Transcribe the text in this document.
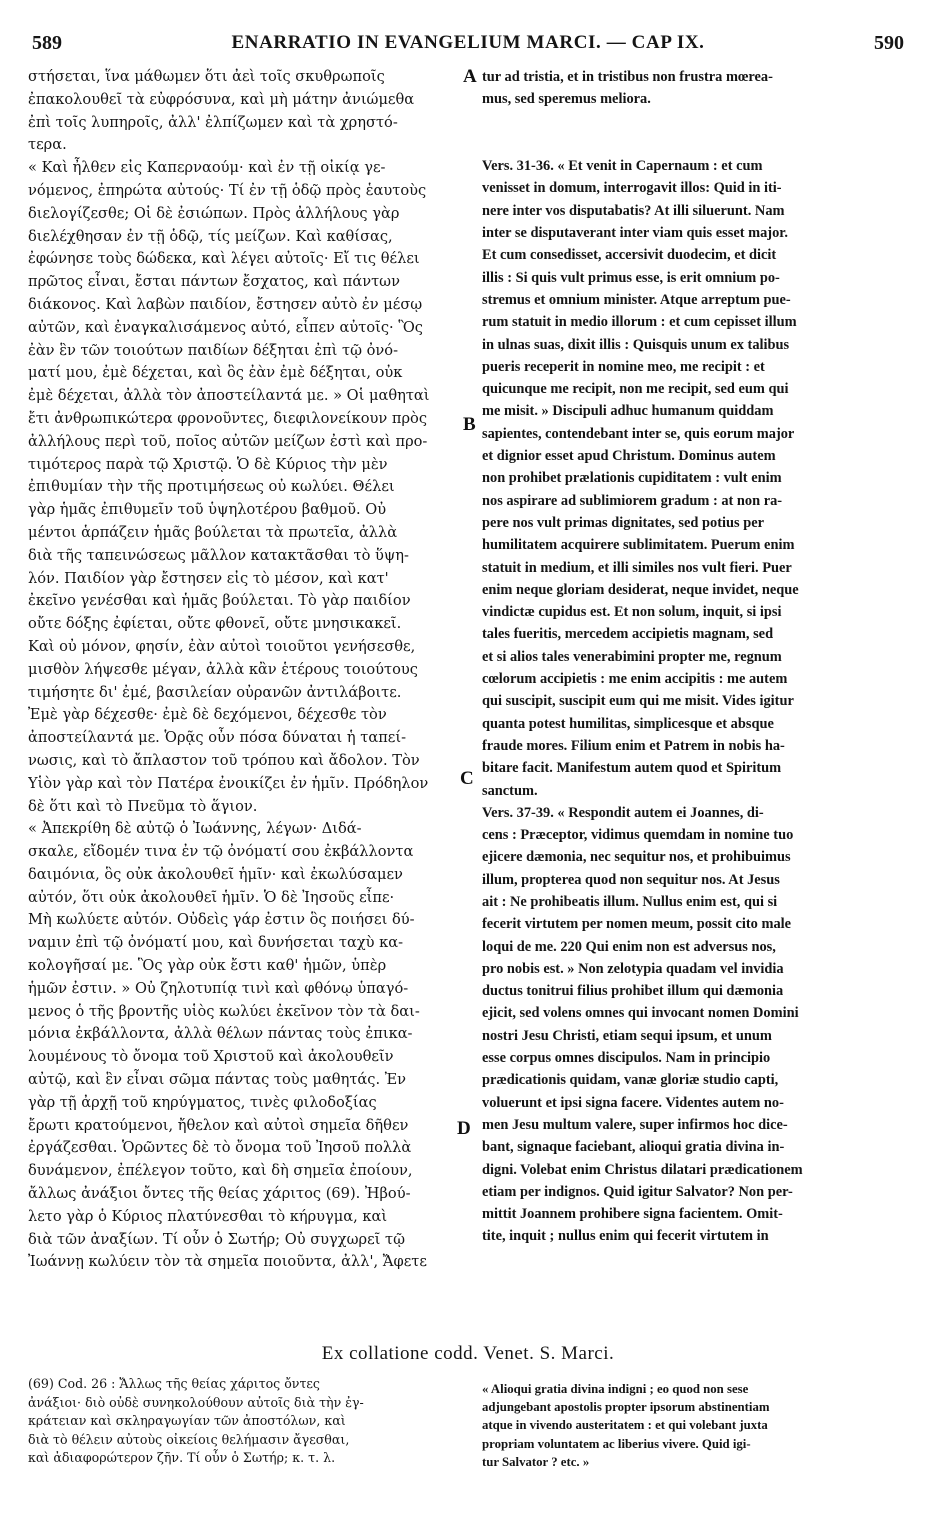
589	ENARRATIO IN EVANGELIUM MARCI. — CAP IX.	590
στήσεται, ἵνα μάθωμεν ὅτι ἀεὶ τοῖς σκυθρωποῖς
ἐπακολουθεῖ τὰ εὐφρόσυνα, καὶ μὴ μάτην ἀνιώμεθα
ἐπὶ τοῖς λυπηροῖς, ἀλλ' ἐλπίζωμεν καὶ τὰ χρηστό-
τερα.
« Καὶ ἦλθεν εἰς Καπερναούμ· καὶ ἐν τῇ οἰκίᾳ γε-
νόμενος, ἐπηρώτα αὐτούς· Τί ἐν τῇ ὁδῷ πρὸς ἑαυτοὺς
διελογίζεσθε; Οἱ δὲ ἐσιώπων. Πρὸς ἀλλήλους γὰρ
διελέχθησαν ἐν τῇ ὁδῷ, τίς μείζων. Καὶ καθίσας,
ἐφώνησε τοὺς δώδεκα, καὶ λέγει αὐτοῖς· Εἴ τις θέλει
πρῶτος εἶναι, ἔσται πάντων ἔσχατος, καὶ πάντων
διάκονος. Καὶ λαβὼν παιδίον, ἔστησεν αὐτὸ ἐν μέσῳ
αὐτῶν, καὶ ἐναγκαλισάμενος αὐτό, εἶπεν αὐτοῖς· Ὃς
ἐὰν ἓν τῶν τοιούτων παιδίων δέξηται ἐπὶ τῷ ὀνό-
ματί μου, ἐμὲ δέχεται, καὶ ὃς ἐὰν ἐμὲ δέξηται, οὐκ
ἐμὲ δέχεται, ἀλλὰ τὸν ἀποστείλαντά με. » Οἱ μαθηταὶ
ἔτι ἀνθρωπικώτερα φρονοῦντες, διεφιλονείκουν πρὸς
ἀλλήλους περὶ τοῦ, ποῖος αὐτῶν μείζων ἐστὶ καὶ προ-
τιμότερος παρὰ τῷ Χριστῷ. Ὁ δὲ Κύριος τὴν μὲν
ἐπιθυμίαν τὴν τῆς προτιμήσεως οὐ κωλύει. Θέλει
γὰρ ἡμᾶς ἐπιθυμεῖν τοῦ ὑψηλοτέρου βαθμοῦ. Οὐ
μέντοι ἁρπάζειν ἡμᾶς βούλεται τὰ πρωτεῖα, ἀλλὰ
διὰ τῆς ταπεινώσεως μᾶλλον κατακτᾶσθαι τὸ ὕψη-
λόν. Παιδίον γὰρ ἔστησεν εἰς τὸ μέσον, καὶ κατ'
ἐκεῖνο γενέσθαι καὶ ἡμᾶς βούλεται. Τὸ γὰρ παιδίον
οὔτε δόξης ἐφίεται, οὔτε φθονεῖ, οὔτε μνησικακεῖ.
Καὶ οὐ μόνον, φησίν, ἐὰν αὐτοὶ τοιοῦτοι γενήσεσθε,
μισθὸν λήψεσθε μέγαν, ἀλλὰ κἂν ἑτέρους τοιούτους
τιμήσητε δι' ἐμέ, βασιλείαν οὐρανῶν ἀντιλάβοιτε.
Ἐμὲ γὰρ δέχεσθε· ἐμὲ δὲ δεχόμενοι, δέχεσθε τὸν
ἀποστείλαντά με. Ὁρᾷς οὖν πόσα δύναται ἡ ταπεί-
νωσις, καὶ τὸ ἄπλαστον τοῦ τρόπου καὶ ἄδολον. Τὸν
Υἱὸν γὰρ καὶ τὸν Πατέρα ἐνοικίζει ἐν ἡμῖν. Πρόδηλον
δὲ ὅτι καὶ τὸ Πνεῦμα τὸ ἅγιον.
« Ἀπεκρίθη δὲ αὐτῷ ὁ Ἰωάννης, λέγων· Διδά-
σκαλε, εἴδομέν τινα ἐν τῷ ὀνόματί σου ἐκβάλλοντα
δαιμόνια, ὃς οὐκ ἀκολουθεῖ ἡμῖν· καὶ ἐκωλύσαμεν
αὐτόν, ὅτι οὐκ ἀκολουθεῖ ἡμῖν. Ὁ δὲ Ἰησοῦς εἶπε·
Μὴ κωλύετε αὐτόν. Οὐδεὶς γάρ ἐστιν ὃς ποιήσει δύ-
ναμιν ἐπὶ τῷ ὀνόματί μου, καὶ δυνήσεται ταχὺ κα-
κολογῆσαί με. Ὃς γὰρ οὐκ ἔστι καθ' ἡμῶν, ὑπὲρ
ἡμῶν ἐστιν. » Οὐ ζηλοτυπίᾳ τινὶ καὶ φθόνῳ ὑπαγό-
μενος ὁ τῆς βροντῆς υἱὸς κωλύει ἐκεῖνον τὸν τὰ δαι-
μόνια ἐκβάλλοντα, ἀλλὰ θέλων πάντας τοὺς ἐπικα-
λουμένους τὸ ὄνομα τοῦ Χριστοῦ καὶ ἀκολουθεῖν
αὐτῷ, καὶ ἓν εἶναι σῶμα πάντας τοὺς μαθητάς. Ἐν
γὰρ τῇ ἀρχῇ τοῦ κηρύγματος, τινὲς φιλοδοξίας
ἔρωτι κρατούμενοι, ἤθελον καὶ αὐτοὶ σημεῖα δῆθεν
ἐργάζεσθαι. Ὁρῶντες δὲ τὸ ὄνομα τοῦ Ἰησοῦ πολλὰ
δυνάμενον, ἐπέλεγον τοῦτο, καὶ δὴ σημεῖα ἐποίουν,
ἄλλως ἀνάξιοι ὄντες τῆς θείας χάριτος (69). Ἠβού-
λετο γὰρ ὁ Κύριος πλατύνεσθαι τὸ κήρυγμα, καὶ
διὰ τῶν ἀναξίων. Τί οὖν ὁ Σωτήρ; Οὐ συγχωρεῖ τῷ
Ἰωάννῃ κωλύειν τὸν τὰ σημεῖα ποιοῦντα, ἀλλ', Ἄφετε
tur ad tristia, et in tristibus non frustra mœrea-
mus, sed speremus meliora.
Vers. 31-36. « Et venit in Capernaum : et cum
venisset in domum, interrogavit illos: Quid in iti-
nere inter vos disputabatis? At illi siluerunt. Nam
inter se disputaverant inter viam quis esset major.
Et cum consedisset, accersivit duodecim, et dicit
illis : Si quis vult primus esse, is erit omnium po-
stremus et omnium minister. Atque arreptum pue-
rum statuit in medio illorum : et cum cepisset illum
in ulnas suas, dixit illis : Quisquis unum ex talibus
pueris receperit in nomine meo, me recipit : et
quicunque me recipit, non me recipit, sed eum qui
me misit. » Discipuli adhuc humanum quiddam
sapientes, contendebant inter se, quis eorum major
et dignior esset apud Christum. Dominus autem
non prohibet prælationis cupiditatem : vult enim
nos aspirare ad sublimiorem gradum : at non ra-
pere nos vult primas dignitates, sed potius per
humilitatem acquirere sublimitatem. Puerum enim
statuit in medium, et illi similes nos vult fieri. Puer
enim neque gloriam desiderat, neque invidet, neque
vindictæ cupidus est. Et non solum, inquit, si ipsi
tales fueritis, mercedem accipietis magnam, sed
et si alios tales venerabimini propter me, regnum
cœlorum accipietis : me enim accipitis : me autem
qui suscipit, suscipit eum qui me misit. Vides igitur
quanta potest humilitas, simplicesque et absque
fraude mores. Filium enim et Patrem in nobis ha-
bitare facit. Manifestum autem quod et Spiritum
sanctum.
Vers. 37-39. « Respondit autem ei Joannes, di-
cens : Præceptor, vidimus quemdam in nomine tuo
ejicere dæmonia, nec sequitur nos, et prohibuimus
illum, propterea quod non sequitur nos. At Jesus
ait : Ne prohibeatis illum. Nullus enim est, qui si
fecerit virtutem per nomen meum, possit cito male
loqui de me. 220 Qui enim non est adversus nos,
pro nobis est. » Non zelotypia quadam vel invidia
ductus tonitrui filius prohibet illum qui dæmonia
ejicit, sed volens omnes qui invocant nomen Domini
nostri Jesu Christi, etiam sequi ipsum, et unum
esse corpus omnes discipulos. Nam in principio
prædicationis quidam, vanæ gloriæ studio capti,
voluerunt et ipsi signa facere. Videntes autem no-
men Jesu multum valere, super infirmos hoc dice-
bant, signaque faciebant, alioqui gratia divina in-
digni. Volebat enim Christus dilatari prædicationem
etiam per indignos. Quid igitur Salvator? Non per-
mittit Joannem prohibere signa facientem. Omit-
tite, inquit ; nullus enim qui fecerit virtutem in
A
B
C
D
Ex collatione codd. Venet. S. Marci.
(69) Cod. 26 : Ἄλλως τῆς θείας χάριτος ὄντες
ἀνάξιοι· διὸ οὐδὲ συνηκολούθουν αὐτοῖς διὰ τὴν ἐγ-
κράτειαν καὶ σκληραγωγίαν τῶν ἀποστόλων, καὶ
διὰ τὸ θέλειν αὐτοὺς οἰκείοις θελήμασιν ἄγεσθαι,
καὶ ἀδιαφορώτερον ζῆν. Τί οὖν ὁ Σωτήρ; κ. τ. λ.
« Alioqui gratia divina indigni ; eo quod non sese
adjungebant apostolis propter ipsorum abstinentiam
atque in vivendo austeritatem : et qui volebant juxta
propriam voluntatem ac liberius vivere. Quid igi-
tur Salvator ? etc. »
